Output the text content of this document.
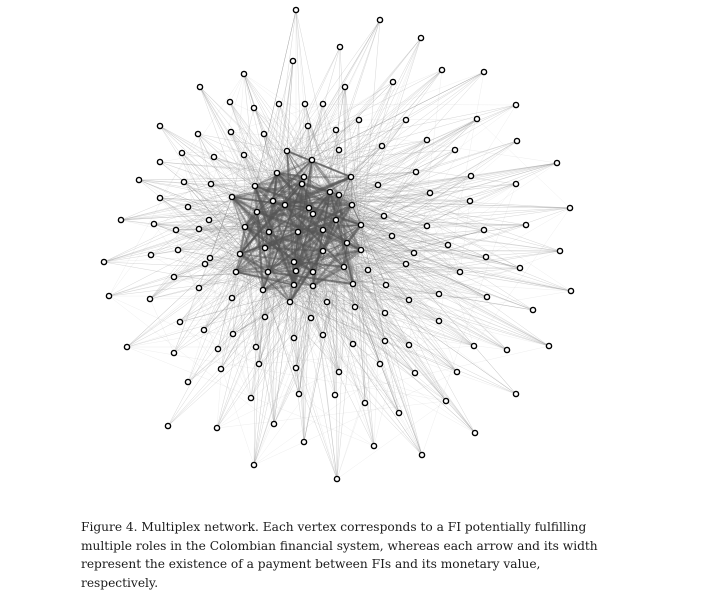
Figure 4. Multiplex network. Each vertex corresponds to a FI potentially fulfilling multiple roles in the Colombian financial system, whereas each arrow and its width represent the existence of a payment between FIs and its monetary value, respectively.
